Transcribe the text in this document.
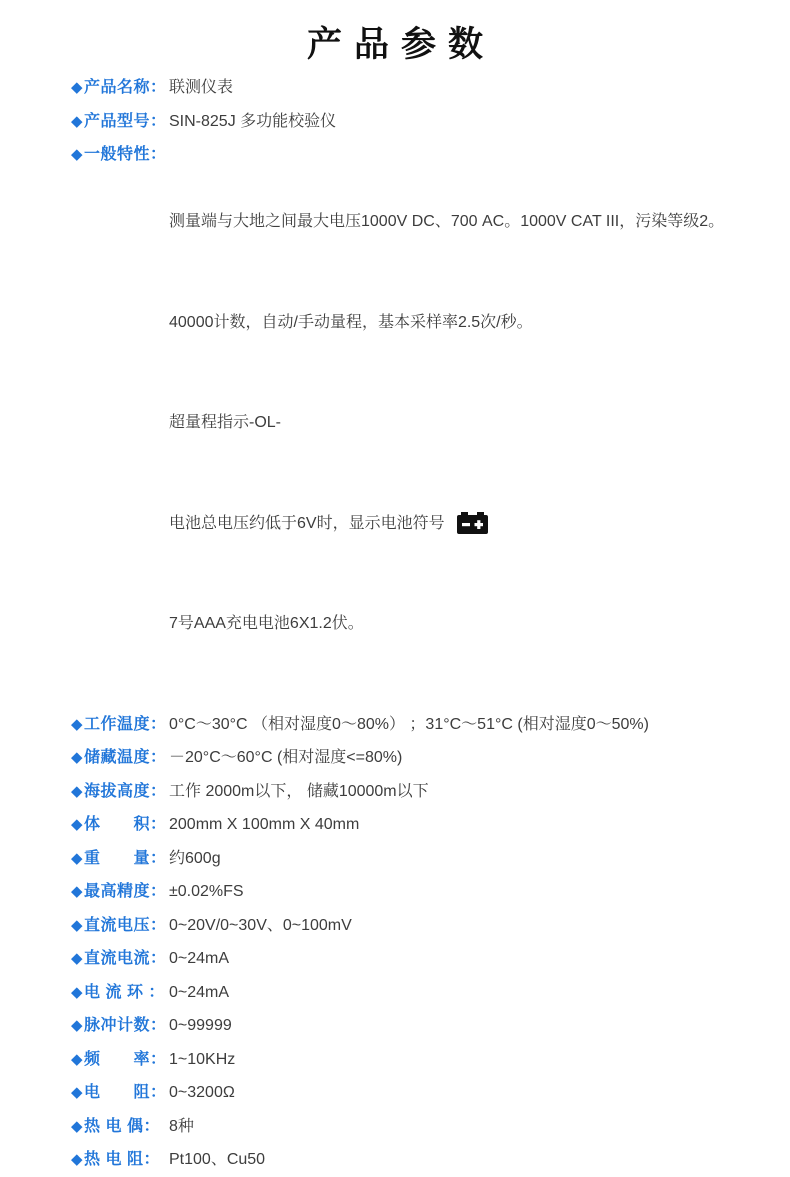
产品参数
◆产品名称： 联测仪表
◆产品型号： SIN-825J 多功能校验仪
◆一般特性：

测量端与大地之间最大电压1000V DC、700 AC。1000V CAT III，污染等级2。

40000计数，自动/手动量程，基本采样率2.5次/秒。

超量程指示-OL-

电池总电压约低于6V时，显示电池符号

7号AAA充电电池6X1.2伏。

◆工作温度： 0°C～30°C （相对湿度0～80%） ；31°C～51°C (相对湿度0～50%)
◆储藏温度： －20°C～60°C (相对湿度<=80%)
◆海拔高度： 工作 2000m以下， 储藏10000m以下
◆体　　积： 200mm X 100mm X 40mm
◆重　　量： 约600g
◆最高精度： ±0.02%FS
◆直流电压： 0~20V/0~30V、0~100mV
◆直流电流： 0~24mA
◆电 流 环 ： 0~24mA
◆脉冲计数： 0~99999
◆频　　率： 1~10KHz
◆电　　阻： 0~3200Ω
◆热 电 偶： 8种
◆热 电 阻： Pt100、Cu50
